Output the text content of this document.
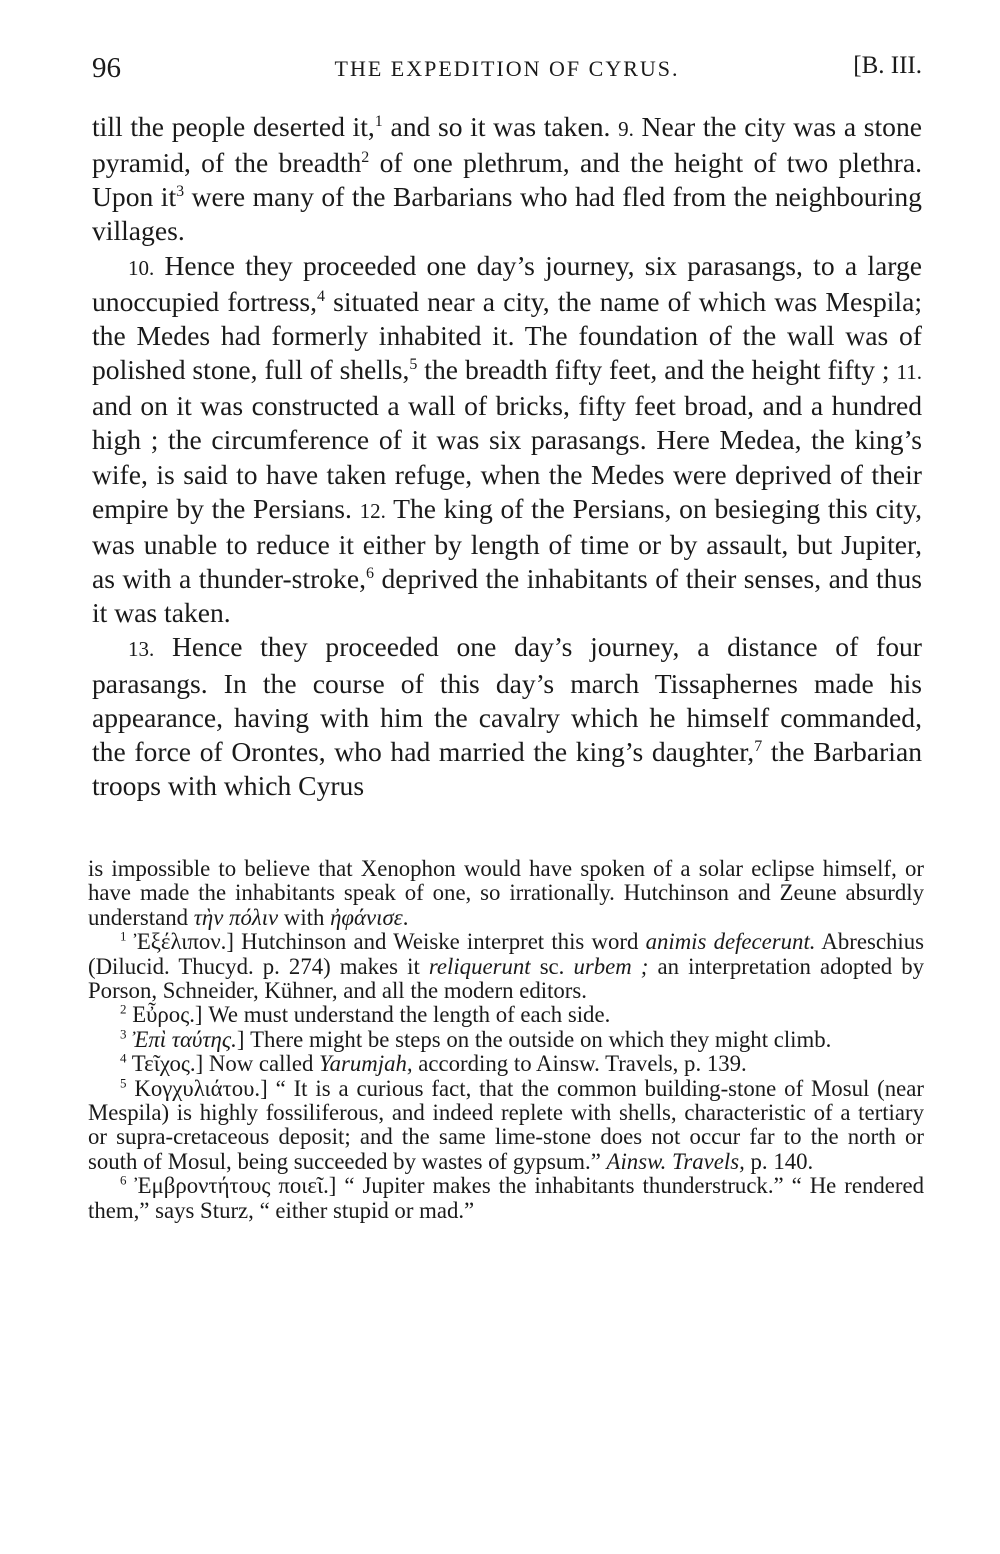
96	THE EXPEDITION OF CYRUS.	[B. III.

till the people deserted it,$^1$ and so it was taken. 9. Near the city was a stone pyramid, of the breadth$^2$ of one plethrum, and the height of two plethra. Upon $it^3$ were many of the Barbarians who had fled from the neighbouring villages.

10. Hence they proceeded one day’s journey, six parasangs, to a large unoccupied fortress,$^4$ situated near a city, the name of which was Mespila; the Medes had formerly inhabited it. The foundation of the wall was of polished stone, full of shells,$^5$ the breadth fifty feet, and the height fifty ; 11. and on it was constructed a wall of bricks, fifty feet broad, and a hundred high ; the circumference of it was six parasangs. Here Medea, the king’s wife, is said to have taken refuge, when the Medes were deprived of their empire by the Persians. 12. The king of the Persians, on besieging this city, was unable to reduce it either by length of time or by assault, but Jupiter, as with a thunder-stroke,$^6$ deprived the inhabitants of their senses, and thus it was taken.

13. Hence they proceeded one day’s journey, a distance of four parasangs. In the course of this day’s march Tissaphernes made his appearance, having with him the cavalry which he himself commanded, the force of Orontes, who had married the king’s daughter,$^7$ the Barbarian troops with which Cyrus

is impossible to believe that Xenophon would have spoken of a solar eclipse himself, or have made the inhabitants speak of one, so irrationally. Hutchinson and Zeune absurdly understand τὴν πόλιν with ἠφάνισε.

$^1$ Ἐξέλιπον.] Hutchinson and Weiske interpret this word animis defecerunt. Abreschius (Dilucid. Thucyd. p. 274) makes it reliquerunt sc. urbem ; an interpretation adopted by Porson, Schneider, Kühner, and all the modern editors.

$^2$ Εὖρος.] We must understand the length of each side.

$^3$ Ἐπὶ ταύτης.] There might be steps on the outside on which they might climb.

$^4$ Τεῖχος.] Now called Yarumjah, according to Ainsw. Travels, p. 139.

$^5$ Κογχυλιάτου.] “ It is a curious fact, that the common building-stone of Mosul (near Mespila) is highly fossiliferous, and indeed replete with shells, characteristic of a tertiary or supra-cretaceous deposit; and the same lime-stone does not occur far to the north or south of Mosul, being succeeded by wastes of gypsum.” Ainsw. Travels, p. 140.

$^6$ Ἐμβροντήτους ποιεῖ.] “ Jupiter makes the inhabitants thunderstruck.” “ He rendered them,” says Sturz, “ either stupid or mad.”
